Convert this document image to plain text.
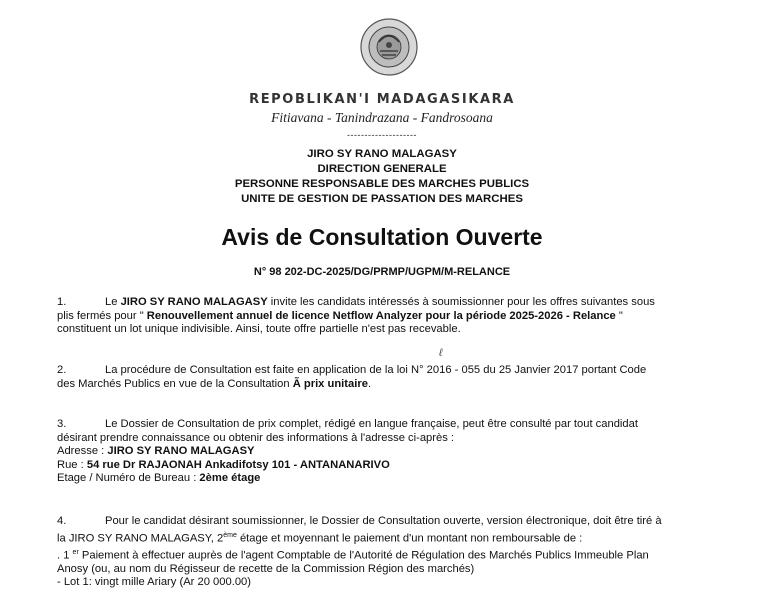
REPOBLIKAN'I MADAGASIKARA
Fitiavana - Tanindrazana - Fandrosoana
--------------------
JIRO SY RANO MALAGASY
DIRECTION GENERALE
PERSONNE RESPONSABLE DES MARCHES PUBLICS
UNITE DE GESTION DE PASSATION DES MARCHES
Avis de Consultation Ouverte
N° 98 202-DC-2025/DG/PRMP/UGPM/M-RELANCE
1.	Le JIRO SY RANO MALAGASY invite les candidats intéressés à soumissionner pour les offres suivantes sous
plis fermés pour " Renouvellement annuel de licence Netflow Analyzer pour la période 2025-2026 - Relance "
constituent un lot unique indivisible. Ainsi, toute offre partielle n'est pas recevable.
ℓ
2.	La procédure de Consultation est faite en application de la loi N° 2016 - 055 du 25 Janvier 2017 portant Code
des Marchés Publics en vue de la Consultation Ã prix unitaire.
3.	Le Dossier de Consultation de prix complet, rédigé en langue française, peut être consulté par tout candidat
désirant prendre connaissance ou obtenir des informations à l'adresse ci-après :
Adresse : JIRO SY RANO MALAGASY
Rue : 54 rue Dr RAJAONAH Ankadifotsy 101 - ANTANANARIVO
Etage / Numéro de Bureau : 2ème étage
4.	Pour le candidat désirant soumissionner, le Dossier de Consultation ouverte, version électronique, doit être tiré à
la JIRO SY RANO MALAGASY, 2ème étage et moyennant le paiement d'un montant non remboursable de :
. 1 $^{er}$ Paiement à effectuer auprès de l'agent Comptable de l'Autorité de Régulation des Marchés Publics Immeuble Plan
Anosy (ou, au nom du Régisseur de recette de la Commission Région des marchés)
- Lot 1: vingt mille Ariary (Ar 20 000.00)
